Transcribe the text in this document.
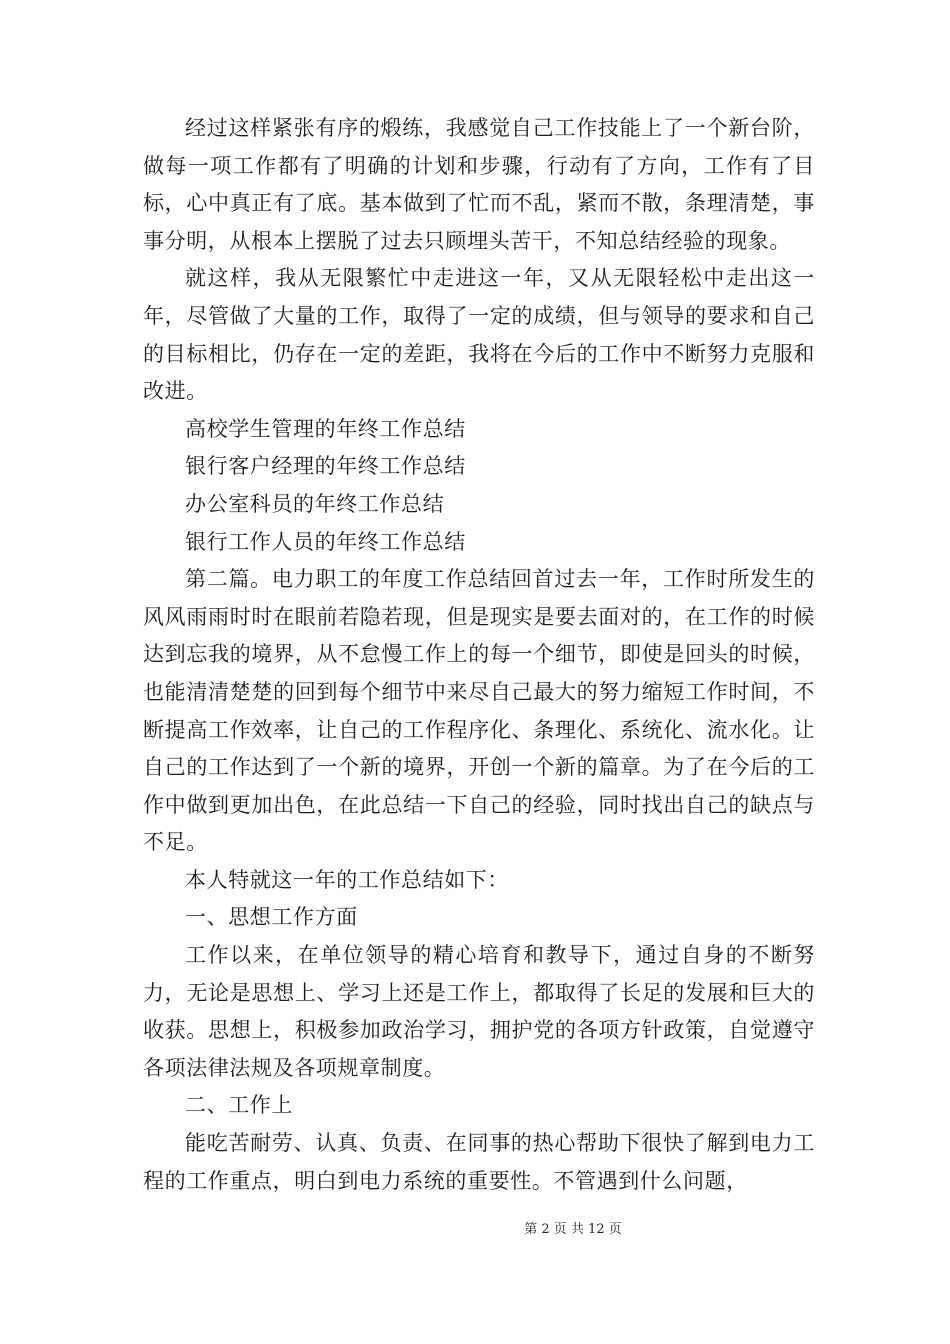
经过这样紧张有序的煅练，我感觉自己工作技能上了一个新台阶，做每一项工作都有了明确的计划和步骤，行动有了方向，工作有了目标，心中真正有了底。基本做到了忙而不乱，紧而不散，条理清楚，事事分明，从根本上摆脱了过去只顾埋头苦干，不知总结经验的现象。

就这样，我从无限繁忙中走进这一年，又从无限轻松中走出这一年，尽管做了大量的工作，取得了一定的成绩，但与领导的要求和自己的目标相比，仍存在一定的差距，我将在今后的工作中不断努力克服和改进。

高校学生管理的年终工作总结

银行客户经理的年终工作总结

办公室科员的年终工作总结

银行工作人员的年终工作总结

第二篇。电力职工的年度工作总结回首过去一年，工作时所发生的风风雨雨时时在眼前若隐若现，但是现实是要去面对的，在工作的时候达到忘我的境界，从不怠慢工作上的每一个细节，即使是回头的时候，也能清清楚楚的回到每个细节中来尽自己最大的努力缩短工作时间，不断提高工作效率，让自己的工作程序化、条理化、系统化、流水化。让自己的工作达到了一个新的境界，开创一个新的篇章。为了在今后的工作中做到更加出色，在此总结一下自己的经验，同时找出自己的缺点与不足。

本人特就这一年的工作总结如下：

一、思想工作方面

工作以来，在单位领导的精心培育和教导下，通过自身的不断努力，无论是思想上、学习上还是工作上，都取得了长足的发展和巨大的收获。思想上，积极参加政治学习，拥护党的各项方针政策，自觉遵守各项法律法规及各项规章制度。

二、工作上

能吃苦耐劳、认真、负责、在同事的热心帮助下很快了解到电力工程的工作重点，明白到电力系统的重要性。不管遇到什么问题，

第 2 页 共 12 页
